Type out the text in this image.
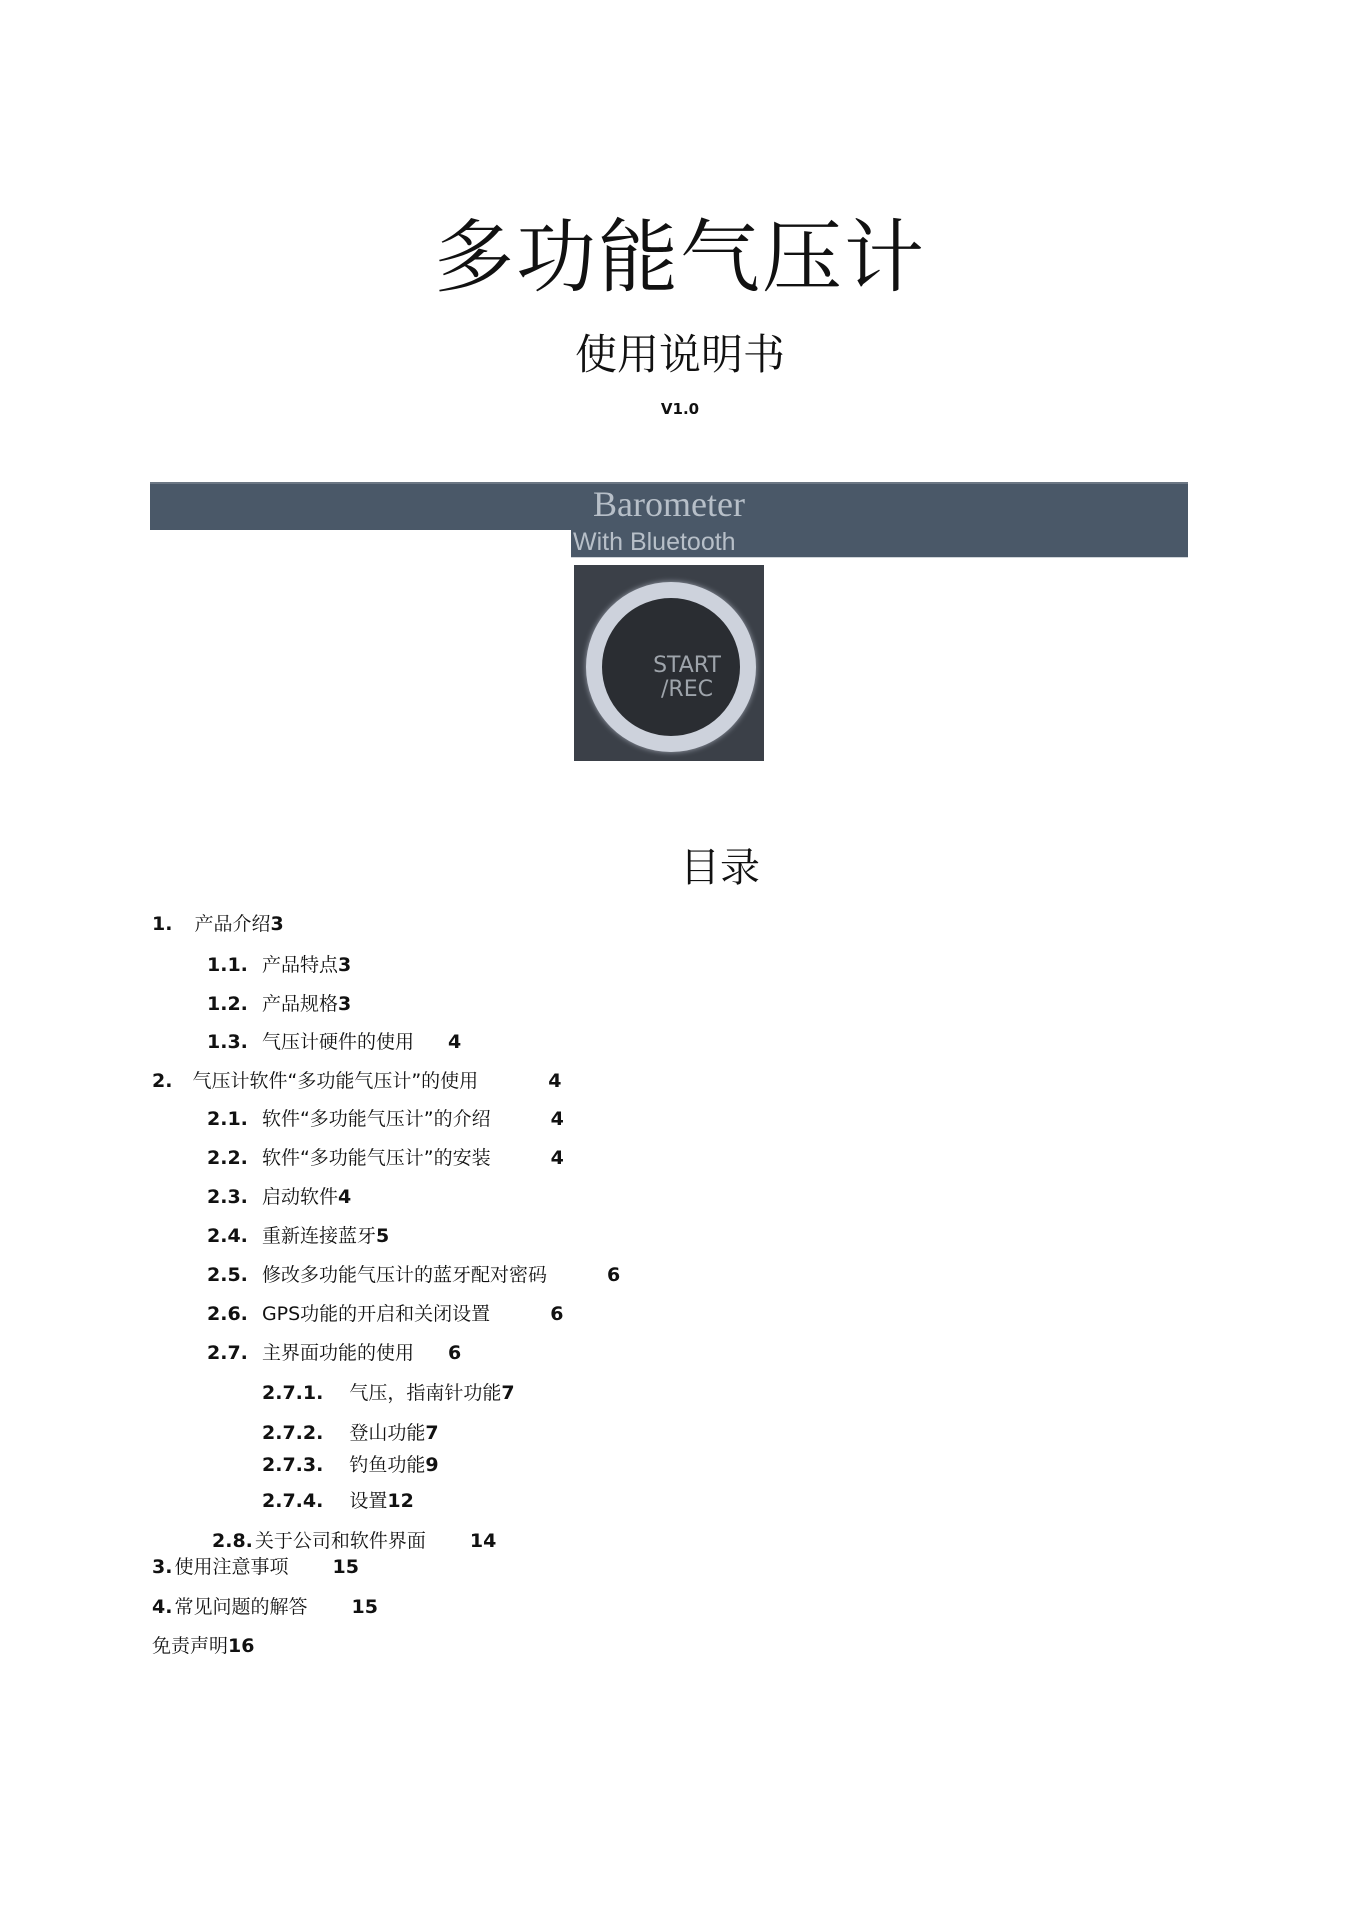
多功能气压计
使用说明书
V1.0
Barometer
With Bluetooth
START
/REC
目录
1. 产品介绍3
1.1. 产品特点3
1.2. 产品规格3
1.3. 气压计硬件的使用 4
2. 气压计软件“多功能气压计”的使用	4
2.1. 软件“多功能气压计”的介绍	4
2.2. 软件“多功能气压计”的安装	4
2.3. 启动软件4
2.4. 重新连接蓝牙5
2.5. 修改多功能气压计的蓝牙配对密码	6
2.6. GPS功能的开启和关闭设置	6
2.7. 主界面功能的使用 6
2.7.1. 气压，指南针功能7
2.7.2. 登山功能7
2.7.3. 钓鱼功能9
2.7.4. 设置12
2.8. 关于公司和软件界面 14
3. 使用注意事项 15
4. 常见问题的解答 15
免责声明16
